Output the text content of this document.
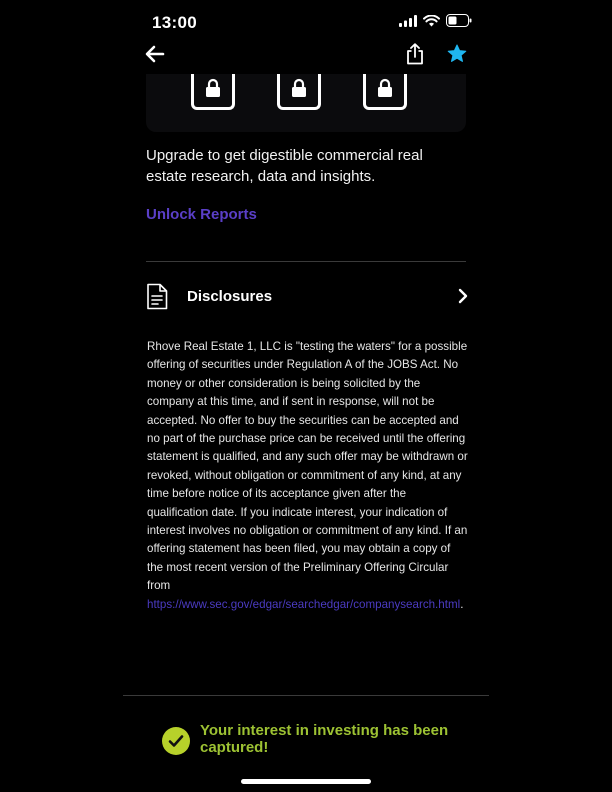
13:00
Upgrade to get digestible commercial real estate research, data and insights.
Unlock Reports
Disclosures
Rhove Real Estate 1, LLC is "testing the waters" for a possible offering of securities under Regulation A of the JOBS Act. No money or other consideration is being solicited by the company at this time, and if sent in response, will not be accepted. No offer to buy the securities can be accepted and no part of the purchase price can be received until the offering statement is qualified, and any such offer may be withdrawn or revoked, without obligation or commitment of any kind, at any time before notice of its acceptance given after the qualification date. If you indicate interest, your indication of interest involves no obligation or commitment of any kind. If an offering statement has been filed, you may obtain a copy of the most recent version of the Preliminary Offering Circular from https://www.sec.gov/edgar/searchedgar/companysearch.html.
Your interest in investing has been captured!
